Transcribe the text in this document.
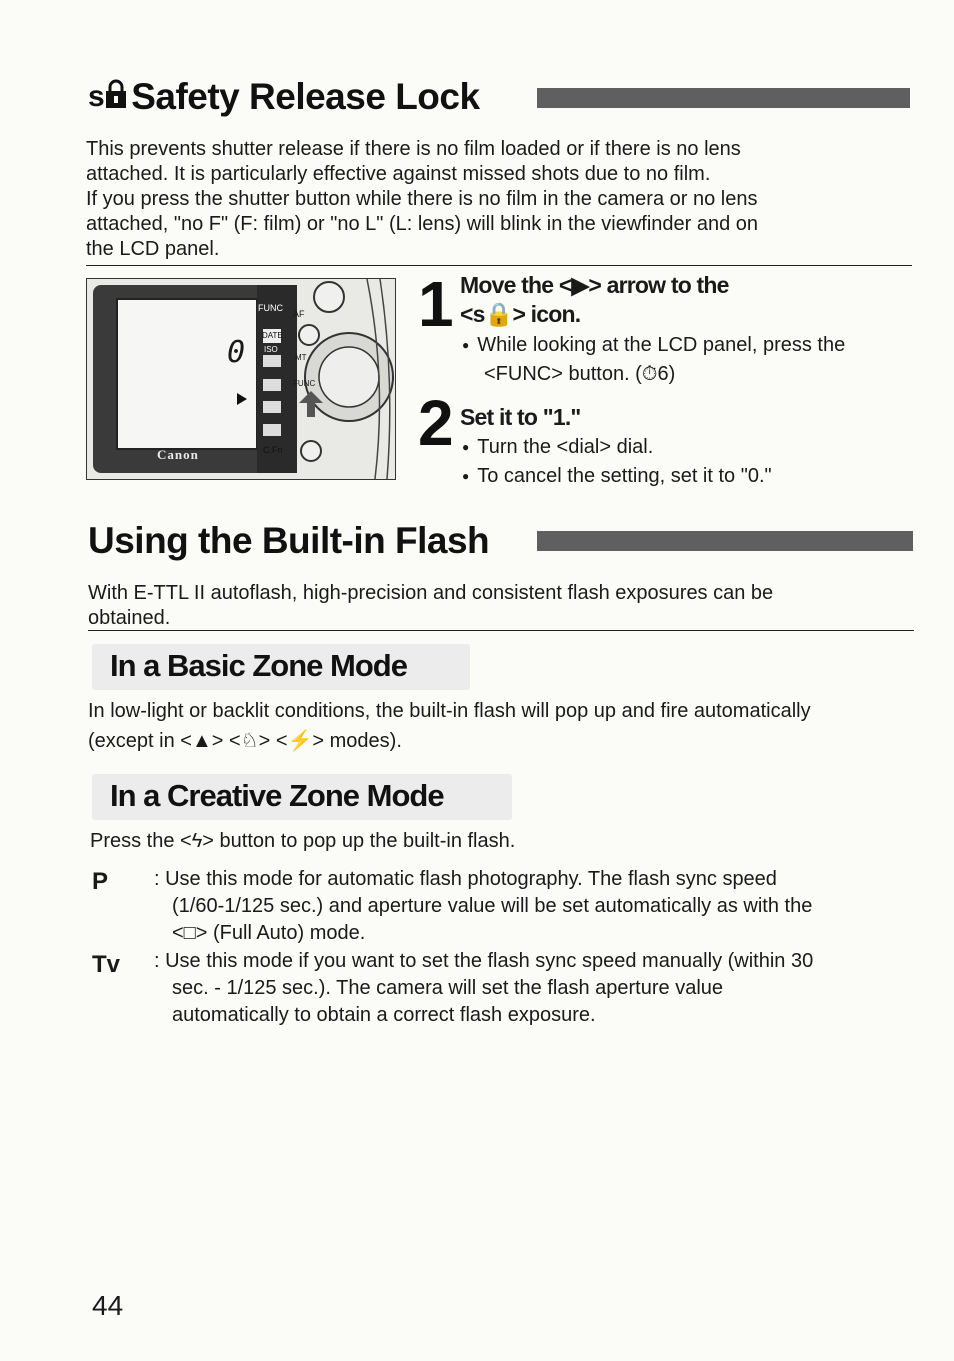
s Safety Release Lock
This prevents shutter release if there is no film loaded or if there is no lens
attached. It is particularly effective against missed shots due to no film.
If you press the shutter button while there is no film in the camera or no lens
attached, "no F" (F: film) or "no L" (L: lens) will blink in the viewfinder and on
the LCD panel.
0
FUNC
AF
DATE
ISO
MT
FUNC
C.Fn
Canon
1 Move the <▶> arrow to the
<s🔒> icon.
● While looking at the LCD panel, press the
<FUNC> button. (⏱6)
2 Set it to "1."
● Turn the <dial> dial.
● To cancel the setting, set it to "0."
Using the Built-in Flash
With E-TTL II autoflash, high-precision and consistent flash exposures can be
obtained.
In a Basic Zone Mode
In low-light or backlit conditions, the built-in flash will pop up and fire automatically
(except in <▲> <♘> <⚡> modes).
In a Creative Zone Mode
Press the <ϟ> button to pop up the built-in flash.
P : Use this mode for automatic flash photography. The flash sync speed
(1/60-1/125 sec.) and aperture value will be set automatically as with the
<□> (Full Auto) mode.
Tv : Use this mode if you want to set the flash sync speed manually (within 30
sec. - 1/125 sec.). The camera will set the flash aperture value
automatically to obtain a correct flash exposure.
44
